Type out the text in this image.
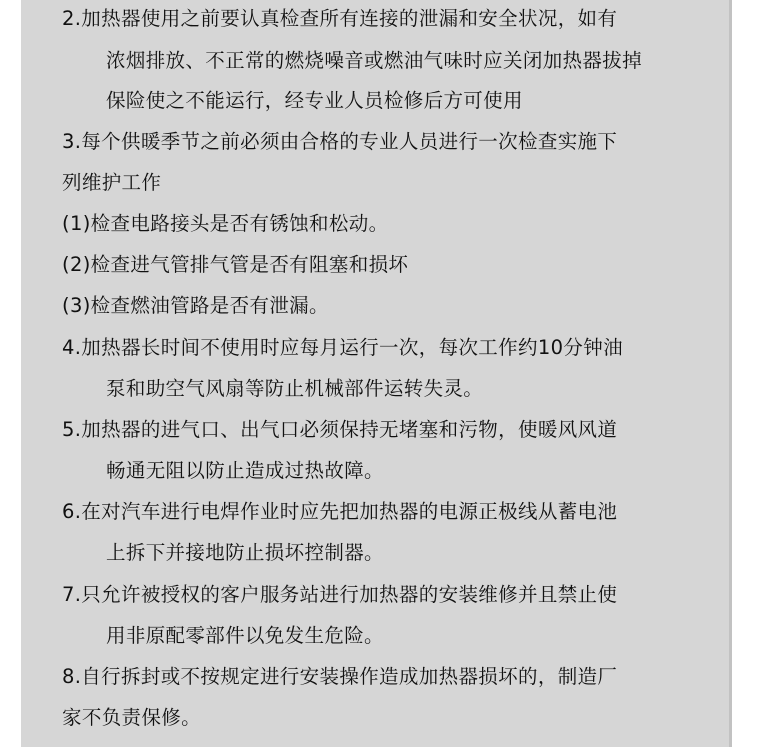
2.加热器使用之前要认真检查所有连接的泄漏和安全状况，如有
浓烟排放、不正常的燃烧噪音或燃油气味时应关闭加热器拔掉
保险使之不能运行，经专业人员检修后方可使用
3.每个供暖季节之前必须由合格的专业人员进行一次检查实施下
列维护工作
(1)检查电路接头是否有锈蚀和松动。
(2)检查进气管排气管是否有阻塞和损坏
(3)检查燃油管路是否有泄漏。
4.加热器长时间不使用时应每月运行一次，每次工作约10分钟油
泵和助空气风扇等防止机械部件运转失灵。
5.加热器的进气口、出气口必须保持无堵塞和污物，使暖风风道
畅通无阻以防止造成过热故障。
6.在对汽车进行电焊作业时应先把加热器的电源正极线从蓄电池
上拆下并接地防止损坏控制器。
7.只允许被授权的客户服务站进行加热器的安装维修并且禁止使
用非原配零部件以免发生危险。
8.自行拆封或不按规定进行安装操作造成加热器损坏的，制造厂
家不负责保修。
